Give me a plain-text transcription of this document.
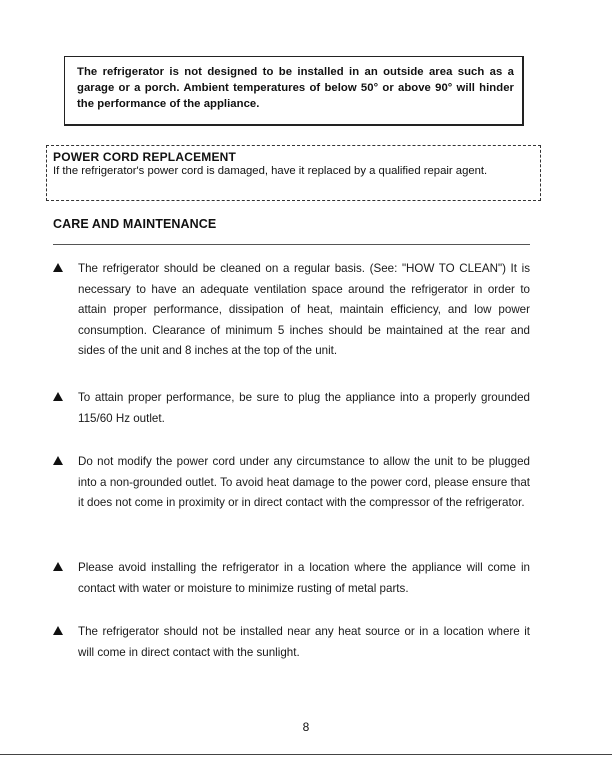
The refrigerator is not designed to be installed in an outside area such as a garage or a porch. Ambient temperatures of below 50° or above 90° will hinder the performance of the appliance.
POWER CORD REPLACEMENT
If the refrigerator's power cord is damaged, have it replaced by a qualified repair agent.
CARE AND MAINTENANCE
The refrigerator should be cleaned on a regular basis. (See: "HOW TO CLEAN") It is necessary to have an adequate ventilation space around the refrigerator in order to attain proper performance, dissipation of heat, maintain efficiency, and low power consumption. Clearance of minimum 5 inches should be maintained at the rear and sides of the unit and 8 inches at the top of the unit.
To attain proper performance, be sure to plug the appliance into a properly grounded 115/60 Hz outlet.
Do not modify the power cord under any circumstance to allow the unit to be plugged into a non-grounded outlet. To avoid heat damage to the power cord, please ensure that it does not come in proximity or in direct contact with the compressor of the refrigerator.
Please avoid installing the refrigerator in a location where the appliance will come in contact with water or moisture to minimize rusting of metal parts.
The refrigerator should not be installed near any heat source or in a location where it will come in direct contact with the sunlight.
8
